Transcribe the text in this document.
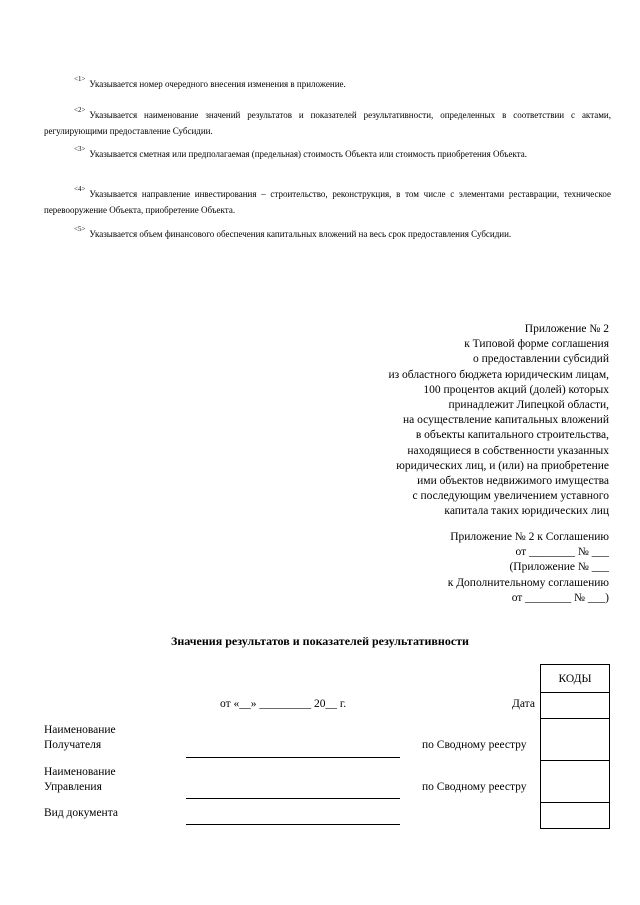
$^{<1>}$ Указывается номер очередного внесения изменения в приложение.

$^{<2>}$ Указывается наименование значений результатов и показателей результативности, определенных в соответствии с актами, регулирующими предоставление Субсидии.

$^{<3>}$ Указывается сметная или предполагаемая (предельная) стоимость Объекта или стоимость приобретения Объекта.

$^{<4>}$ Указывается направление инвестирования – строительство, реконструкция, в том числе с элементами реставрации, техническое перевооружение Объекта, приобретение Объекта.

$^{<5>}$ Указывается объем финансового обеспечения капитальных вложений на весь срок предоставления Субсидии.

Приложение № 2
к Типовой форме соглашения
о предоставлении субсидий
из областного бюджета юридическим лицам,
100 процентов акций (долей) которых
принадлежит Липецкой области,
на осуществление капитальных вложений
в объекты капитального строительства,
находящиеся в собственности указанных
юридических лиц, и (или) на приобретение
ими объектов недвижимого имущества
с последующим увеличением уставного
капитала таких юридических лиц
Приложение № 2 к Соглашению
от ________ № ___
(Приложение № ___
к Дополнительному соглашению
от ________ № ___)
Значения результатов и показателей результативности
КОДЫ

от «__» _________ 20__ г.	Дата
Наименование
Получателя	по Сводному реестру
Наименование
Управления	по Сводному реестру
Вид документа
